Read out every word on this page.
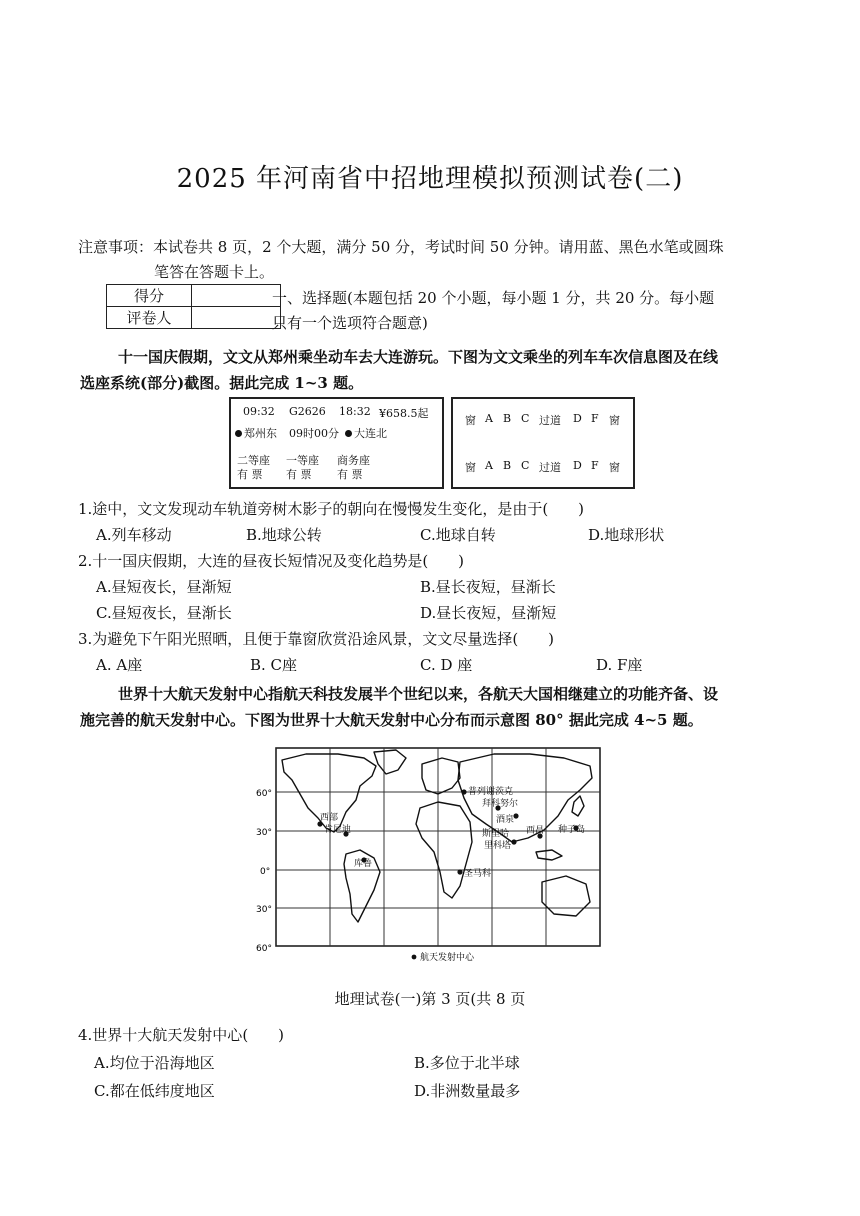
2025 年河南省中招地理模拟预测试卷(二)
注意事项：本试卷共 8 页，2 个大题，满分 50 分，考试时间 50 分钟。请用蓝、黑色水笔或圆珠
笔答在答题卡上。
得分	
评卷人	
一、选择题(本题包括 20 个小题，每小题 1 分，共 20 分。每小题
只有一个选项符合题意)
十一国庆假期，文文从郑州乘坐动车去大连游玩。下图为文文乘坐的列车车次信息图及在线
选座系统(部分)截图。据此完成 1~3 题。
09:32 G2626 18:32 ¥658.5起
郑州东 09时00分	大连北
二等座 一等座 商务座
有 票 有 票 有 票
窗 A B C 过道 D F 窗
窗 A B C 过道 D F 窗
1.途中，文文发现动车轨道旁树木影子的朝向在慢慢发生变化，是由于(　　)
A.列车移动	B.地球公转	C.地球自转	D.地球形状
2.十一国庆假期，大连的昼夜长短情况及变化趋势是(　　)
A.昼短夜长，昼渐短	B.昼长夜短，昼渐长
C.昼短夜长，昼渐长	D.昼长夜短，昼渐短
3.为避免下午阳光照晒，且便于靠窗欣赏沿途风景，文文尽量选择(　　)
A. A座	B. C座	C. D 座	D. F座
世界十大航天发射中心指航天科技发展半个世纪以来，各航天大国相继建立的功能齐备、设
施完善的航天发射中心。下图为世界十大航天发射中心分布而示意图 80° 据此完成 4~5 题。
60°
30°
0°
30°
60°
普列谢茨克
拜科努尔
酒泉
西部
肯尼迪	斯里哈 西昌 种子岛
里科塔
库鲁
圣马科
航天发射中心
地理试卷(一)第 3 页(共 8 页
4.世界十大航天发射中心(　　)
A.均位于沿海地区	B.多位于北半球
C.都在低纬度地区	D.非洲数量最多
